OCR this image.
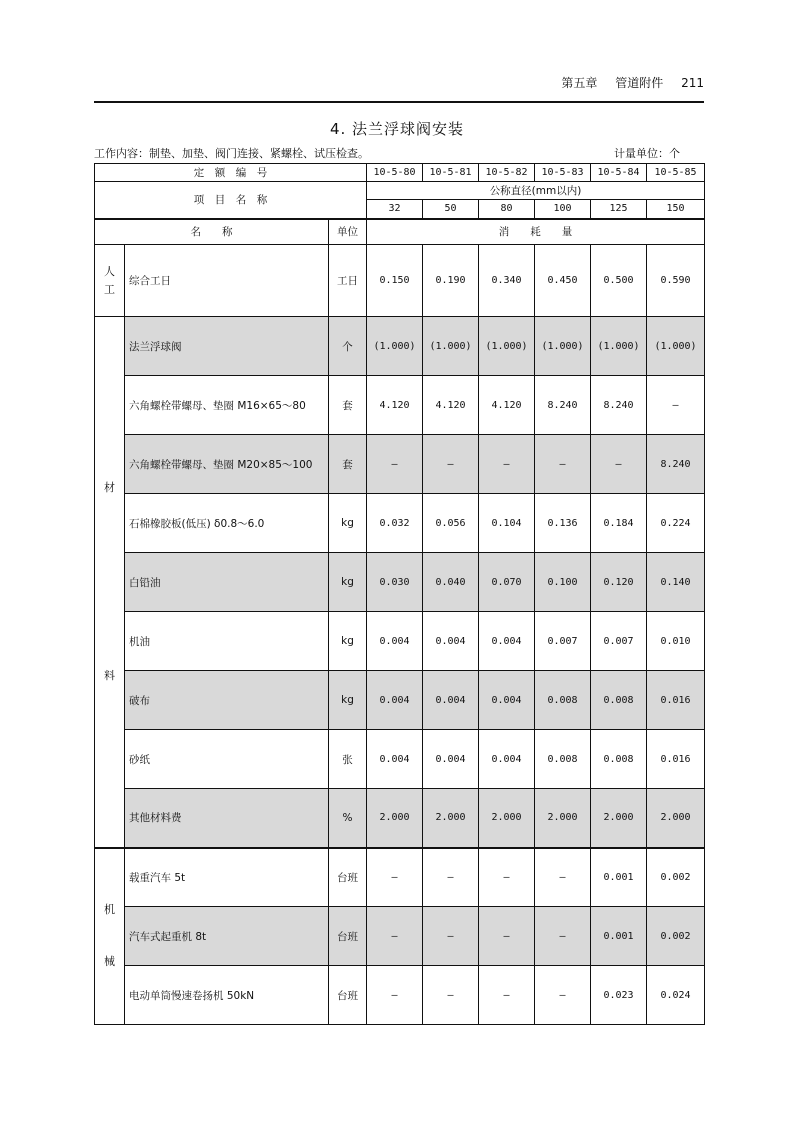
第五章 管道附件 211
4. 法兰浮球阀安装
工作内容：制垫、加垫、阀门连接、紧螺栓、试压检查。	计量单位：个
定　额　编　号			10-5-80	10-5-81	10-5-82	10-5-83	10-5-84	10-5-85
项　目　名　称			公称直径(mm以内)					
			32	50	80	100	125	150
名　　称		单位	消　　耗　　量					
人
工	综合工日	工日	0.150	0.190	0.340	0.450	0.500	0.590
材
料	法兰浮球阀	个	(1.000)	(1.000)	(1.000)	(1.000)	(1.000)	(1.000)
	六角螺栓带螺母、垫圈 M16×65～80	套	4.120	4.120	4.120	8.240	8.240	—
	六角螺栓带螺母、垫圈 M20×85～100	套	—	—	—	—	—	8.240
	石棉橡胶板(低压) δ0.8～6.0	kg	0.032	0.056	0.104	0.136	0.184	0.224
	白铅油	kg	0.030	0.040	0.070	0.100	0.120	0.140
	机油	kg	0.004	0.004	0.004	0.007	0.007	0.010
	破布	kg	0.004	0.004	0.004	0.008	0.008	0.016
	砂纸	张	0.004	0.004	0.004	0.008	0.008	0.016
	其他材料费	%	2.000	2.000	2.000	2.000	2.000	2.000
机
械	载重汽车 5t	台班	—	—	—	—	0.001	0.002
	汽车式起重机 8t	台班	—	—	—	—	0.001	0.002
	电动单筒慢速卷扬机 50kN	台班	—	—	—	—	0.023	0.024
